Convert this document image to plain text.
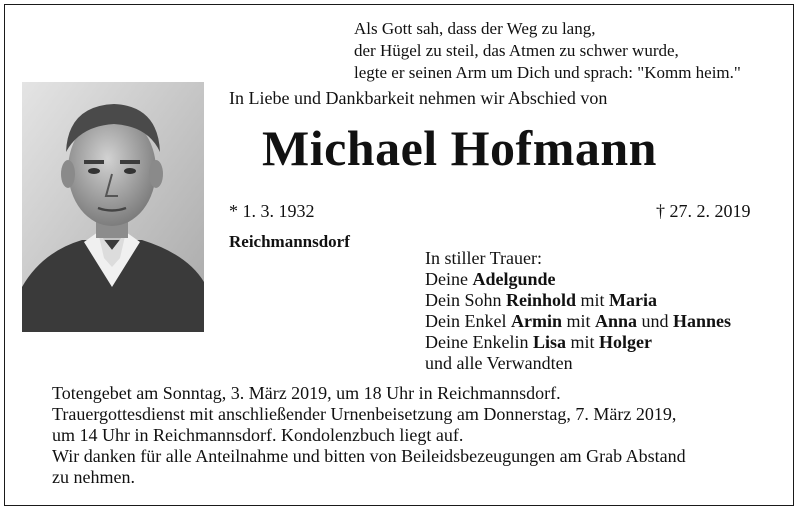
Als Gott sah, dass der Weg zu lang,
der Hügel zu steil, das Atmen zu schwer wurde,
legte er seinen Arm um Dich und sprach: "Komm heim."
In Liebe und Dankbarkeit nehmen wir Abschied von
Michael Hofmann
* 1. 3. 1932	† 27. 2. 2019
Reichmannsdorf
In stiller Trauer:
Deine Adelgunde
Dein Sohn Reinhold mit Maria
Dein Enkel Armin mit Anna und Hannes
Deine Enkelin Lisa mit Holger
und alle Verwandten
Totengebet am Sonntag, 3. März 2019, um 18 Uhr in Reichmannsdorf.
Trauergottesdienst mit anschließender Urnenbeisetzung am Donnerstag, 7. März 2019,
um 14 Uhr in Reichmannsdorf. Kondolenzbuch liegt auf.
Wir danken für alle Anteilnahme und bitten von Beileidsbezeugungen am Grab Abstand
zu nehmen.
